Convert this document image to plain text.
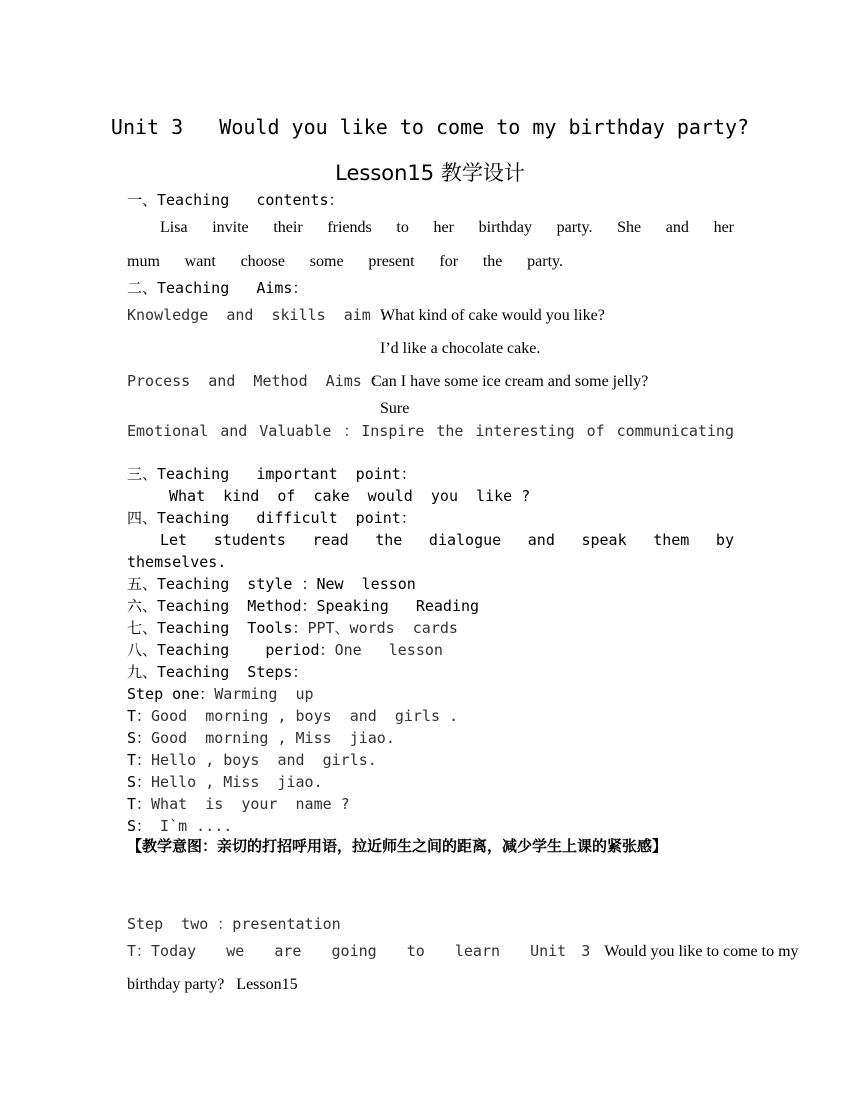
Unit 3   Would you like to come to my birthday party?
Lesson15 教学设计
一、Teaching   contents：
Lisa invite their friends to her birthday party. She and her
mum want choose some present for the party.
二、Teaching   Aims：
Knowledge  and  skills  aim ：
What kind of cake would you like?
I’d like a chocolate cake.
Process  and  Method  Aims ：
Can I have some ice cream and some jelly?
Sure
Emotional and Valuable ：Inspire the interesting of communicating
三、Teaching   important  point：
What  kind  of  cake  would  you  like ?
四、Teaching   difficult  point：
Let students read the dialogue and speak them by
themselves.
五、Teaching  style ：New  lesson
六、Teaching  Method：Speaking   Reading
七、Teaching  Tools：PPT、words  cards
八、Teaching    period：One   lesson
九、Teaching  Steps：
Step one：Warming  up
T：Good  morning , boys  and  girls .
S：Good  morning , Miss  jiao.
T：Hello , boys  and  girls.
S：Hello , Miss  jiao.
T：What  is  your  name ?
S： I`m ....
【教学意图：亲切的打招呼用语，拉近师生之间的距离，减少学生上课的紧张感】
Step  two ：presentation
T：Today  we  are  going  to  learn  Unit 3 Would you like to come to my
birthday party?   Lesson15
